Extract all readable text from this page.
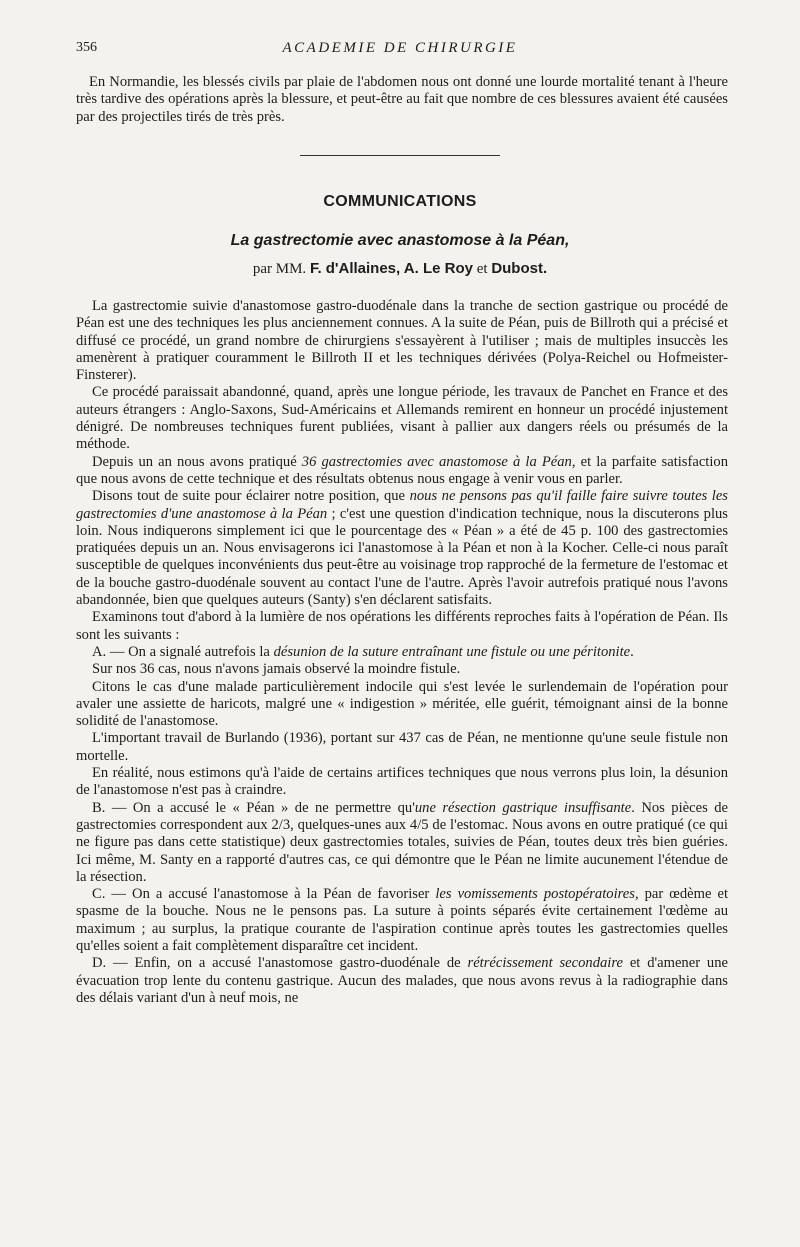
356	ACADEMIE DE CHIRURGIE

En Normandie, les blessés civils par plaie de l'abdomen nous ont donné une lourde mortalité tenant à l'heure très tardive des opérations après la blessure, et peut-être au fait que nombre de ces blessures avaient été causées par des projectiles tirés de très près.

COMMUNICATIONS
La gastrectomie avec anastomose à la Péan,
par MM. F. d'Allaines, A. Le Roy et Dubost.

La gastrectomie suivie d'anastomose gastro-duodénale dans la tranche de section gastrique ou procédé de Péan est une des techniques les plus anciennement connues. A la suite de Péan, puis de Billroth qui a précisé et diffusé ce procédé, un grand nombre de chirurgiens s'essayèrent à l'utiliser ; mais de multiples insuccès les amenèrent à pratiquer couramment le Billroth II et les techniques dérivées (Polya-Reichel ou Hofmeister-Finsterer).

Ce procédé paraissait abandonné, quand, après une longue période, les travaux de Panchet en France et des auteurs étrangers : Anglo-Saxons, Sud-Américains et Allemands remirent en honneur un procédé injustement dénigré. De nombreuses techniques furent publiées, visant à pallier aux dangers réels ou présumés de la méthode.

Depuis un an nous avons pratiqué 36 gastrectomies avec anastomose à la Péan, et la parfaite satisfaction que nous avons de cette technique et des résultats obtenus nous engage à venir vous en parler.

Disons tout de suite pour éclairer notre position, que nous ne pensons pas qu'il faille faire suivre toutes les gastrectomies d'une anastomose à la Péan ; c'est une question d'indication technique, nous la discuterons plus loin. Nous indiquerons simplement ici que le pourcentage des « Péan » a été de 45 p. 100 des gastrectomies pratiquées depuis un an. Nous envisagerons ici l'anastomose à la Péan et non à la Kocher. Celle-ci nous paraît susceptible de quelques inconvénients dus peut-être au voisinage trop rapproché de la fermeture de l'estomac et de la bouche gastro-duodénale souvent au contact l'une de l'autre. Après l'avoir autrefois pratiqué nous l'avons abandonnée, bien que quelques auteurs (Santy) s'en déclarent satisfaits.

Examinons tout d'abord à la lumière de nos opérations les différents reproches faits à l'opération de Péan. Ils sont les suivants :

A. — On a signalé autrefois la désunion de la suture entraînant une fistule ou une péritonite.

Sur nos 36 cas, nous n'avons jamais observé la moindre fistule.

Citons le cas d'une malade particulièrement indocile qui s'est levée le surlendemain de l'opération pour avaler une assiette de haricots, malgré une « indigestion » méritée, elle guérit, témoignant ainsi de la bonne solidité de l'anastomose.

L'important travail de Burlando (1936), portant sur 437 cas de Péan, ne mentionne qu'une seule fistule non mortelle.

En réalité, nous estimons qu'à l'aide de certains artifices techniques que nous verrons plus loin, la désunion de l'anastomose n'est pas à craindre.

B. — On a accusé le « Péan » de ne permettre qu'une résection gastrique insuffisante. Nos pièces de gastrectomies correspondent aux 2/3, quelques-unes aux 4/5 de l'estomac. Nous avons en outre pratiqué (ce qui ne figure pas dans cette statistique) deux gastrectomies totales, suivies de Péan, toutes deux très bien guéries. Ici même, M. Santy en a rapporté d'autres cas, ce qui démontre que le Péan ne limite aucunement l'étendue de la résection.

C. — On a accusé l'anastomose à la Péan de favoriser les vomissements postopératoires, par œdème et spasme de la bouche. Nous ne le pensons pas. La suture à points séparés évite certainement l'œdème au maximum ; au surplus, la pratique courante de l'aspiration continue après toutes les gastrectomies quelles qu'elles soient a fait complètement disparaître cet incident.

D. — Enfin, on a accusé l'anastomose gastro-duodénale de rétrécissement secondaire et d'amener une évacuation trop lente du contenu gastrique. Aucun des malades, que nous avons revus à la radiographie dans des délais variant d'un à neuf mois, ne
